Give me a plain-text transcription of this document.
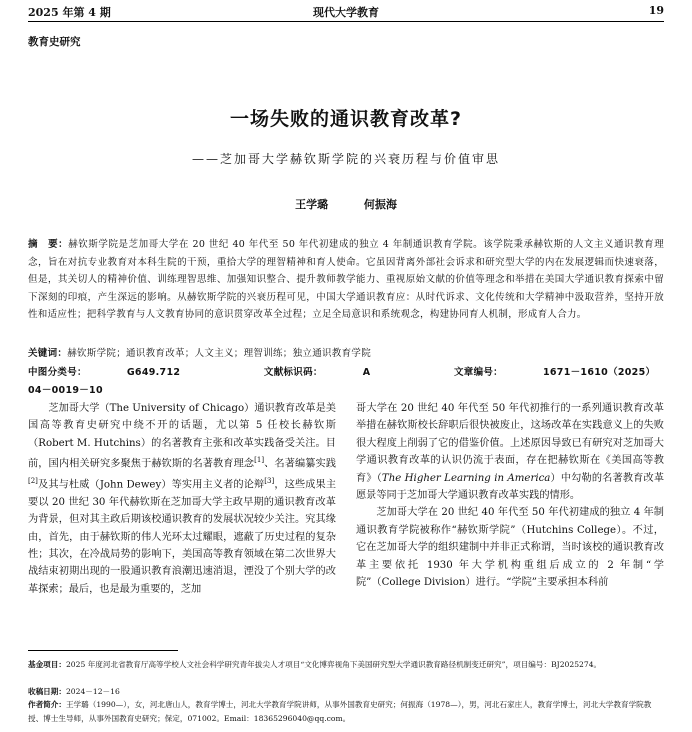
2025 年第 4 期	现代大学教育	19
教育史研究
一场失败的通识教育改革?
——芝加哥大学赫钦斯学院的兴衰历程与价值审思
王学璐	何振海
摘　要：赫钦斯学院是芝加哥大学在 20 世纪 40 年代至 50 年代初建成的独立 4 年制通识教育学院。该学院秉承赫钦斯的人文主义通识教育理念，旨在对抗专业教育对本科生院的干预，重拾大学的理智精神和育人使命。它虽因背离外部社会诉求和研究型大学的内在发展逻辑而快速衰落，但是，其关切人的精神价值、训练理智思维、加强知识整合、提升教师教学能力、重视原始文献的价值等理念和举措在美国大学通识教育探索中留下深刻的印痕，产生深远的影响。从赫钦斯学院的兴衰历程可见，中国大学通识教育应：从时代诉求、文化传统和大学精神中汲取营养，坚持开放性和适应性；把科学教育与人文教育协同的意识贯穿改革全过程；立足全局意识和系统观念，构建协同育人机制，形成育人合力。
关键词：赫钦斯学院；通识教育改革；人文主义；理智训练；独立通识教育学院
中图分类号：	G649.712	文献标识码：	A	文章编号：	1671－1610（2025）04－0019－10

芝加哥大学（The University of Chicago）通识教育改革是美国高等教育史研究中绕不开的话题，尤以第 5 任校长赫钦斯（Robert M. Hutchins）的名著教育主张和改革实践备受关注。目前，国内相关研究多聚焦于赫钦斯的名著教育理念[1]、名著编纂实践[2]及其与杜威（John Dewey）等实用主义者的论辩[3]，这些成果主要以 20 世纪 30 年代赫钦斯在芝加哥大学主政早期的通识教育改革为背景，但对其主政后期该校通识教育的发展状况较少关注。究其缘由，首先，由于赫钦斯的伟人光环太过耀眼，遮蔽了历史过程的复杂性；其次，在冷战局势的影响下，美国高等教育领域在第二次世界大战结束初期出现的一股通识教育浪潮迅速消退，湮没了个别大学的改革探索；最后，也是最为重要的，芝加

哥大学在 20 世纪 40 年代至 50 年代初推行的一系列通识教育改革举措在赫钦斯校长辞职后很快被废止，这场改革在实践意义上的失败很大程度上削弱了它的借鉴价值。上述原因导致已有研究对芝加哥大学通识教育改革的认识仍流于表面，存在把赫钦斯在《美国高等教育》（The Higher Learning in America）中勾勒的名著教育改革愿景等同于芝加哥大学通识教育改革实践的情形。

芝加哥大学在 20 世纪 40 年代至 50 年代初建成的独立 4 年制通识教育学院被称作“赫钦斯学院”（Hutchins College）。不过，它在芝加哥大学的组织建制中并非正式称谓，当时该校的通识教育改革主要依托 1930 年大学机构重组后成立的 2 年制“学院”（College Division）进行。“学院”主要承担本科前

基金项目：2025 年度河北省教育厅高等学校人文社会科学研究青年拔尖人才项目“文化博弈视角下美国研究型大学通识教育路径机制变迁研究”，项目编号：BJ2025274。
收稿日期：2024－12－16
作者简介：王学璐（1990—），女，河北唐山人，教育学博士，河北大学教育学院讲师，从事外国教育史研究；何振海（1978—），男，河北石家庄人，教育学博士，河北大学教育学院教授、博士生导师，从事外国教育史研究；保定，071002。Email：18365296040@qq.com。
